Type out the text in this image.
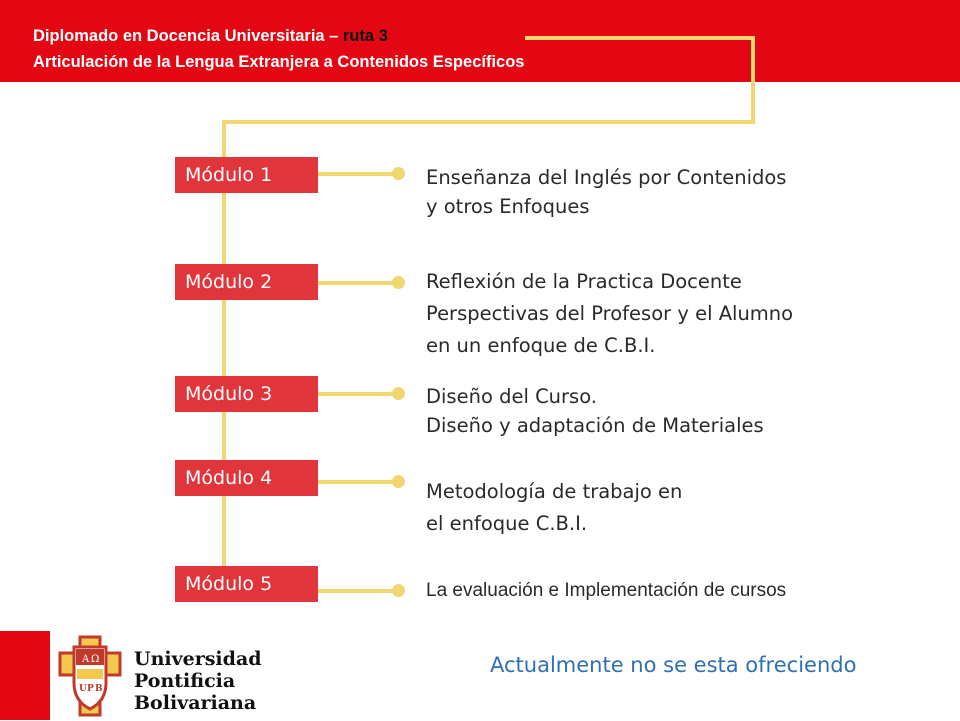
Diplomado en Docencia Universitaria – ruta 3
Articulación de la Lengua Extranjera a Contenidos Específicos
Módulo 1
Módulo 2
Módulo 3
Módulo 4
Módulo 5
Enseñanza del Inglés por Contenidos
y otros Enfoques
Reflexión de la Practica Docente
Perspectivas del Profesor y el Alumno
en un enfoque de C.B.I.
Diseño del Curso.
Diseño y adaptación de Materiales
Metodología de trabajo en
el enfoque C.B.I.
La evaluación e Implementación de cursos
A Ω
U P B
Universidad
Pontificia
Bolivariana
Actualmente no se esta ofreciendo
